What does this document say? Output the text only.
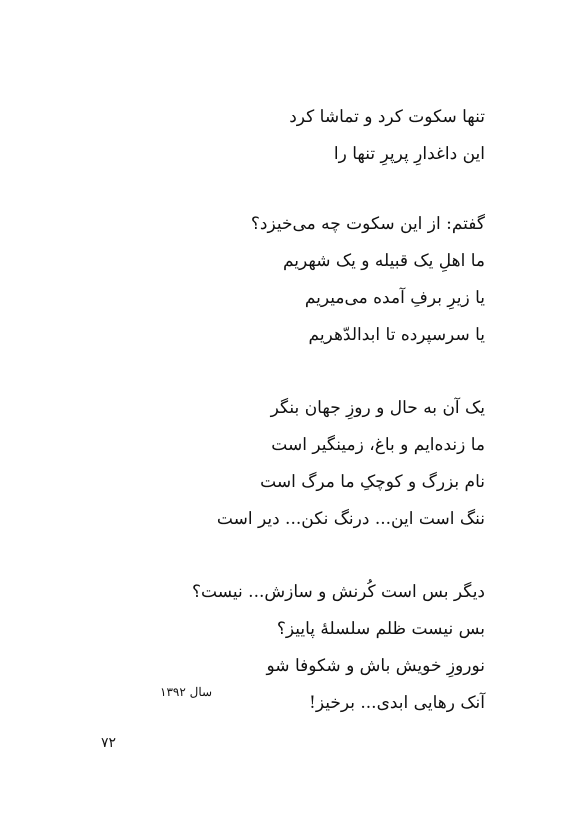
تنها سکوت کرد و تماشا کرد
این داغدارِ پرپرِ تنها را
گفتم: از این سکوت چه می‌خیزد؟
ما اهلِ یک قبیله و یک شهریم
یا زیرِ برفِ آمده می‌میریم
یا سرسپرده تا ابدالدّهریم
یک آن به حال و روزِ جهان بنگر
ما زنده‌ایم و باغ، زمینگیر است
نام بزرگ و کوچکِ ما مرگ است
ننگ است این... درنگ نکن... دیر است
دیگر بس است کُرنش و سازش... نیست؟
بس نیست ظلم سلسلهٔ پاییز؟
نوروزِ خویش باش و شکوفا شو
آنک رهایی ابدی... برخیز!
سال ۱۳۹۲
۷۲
